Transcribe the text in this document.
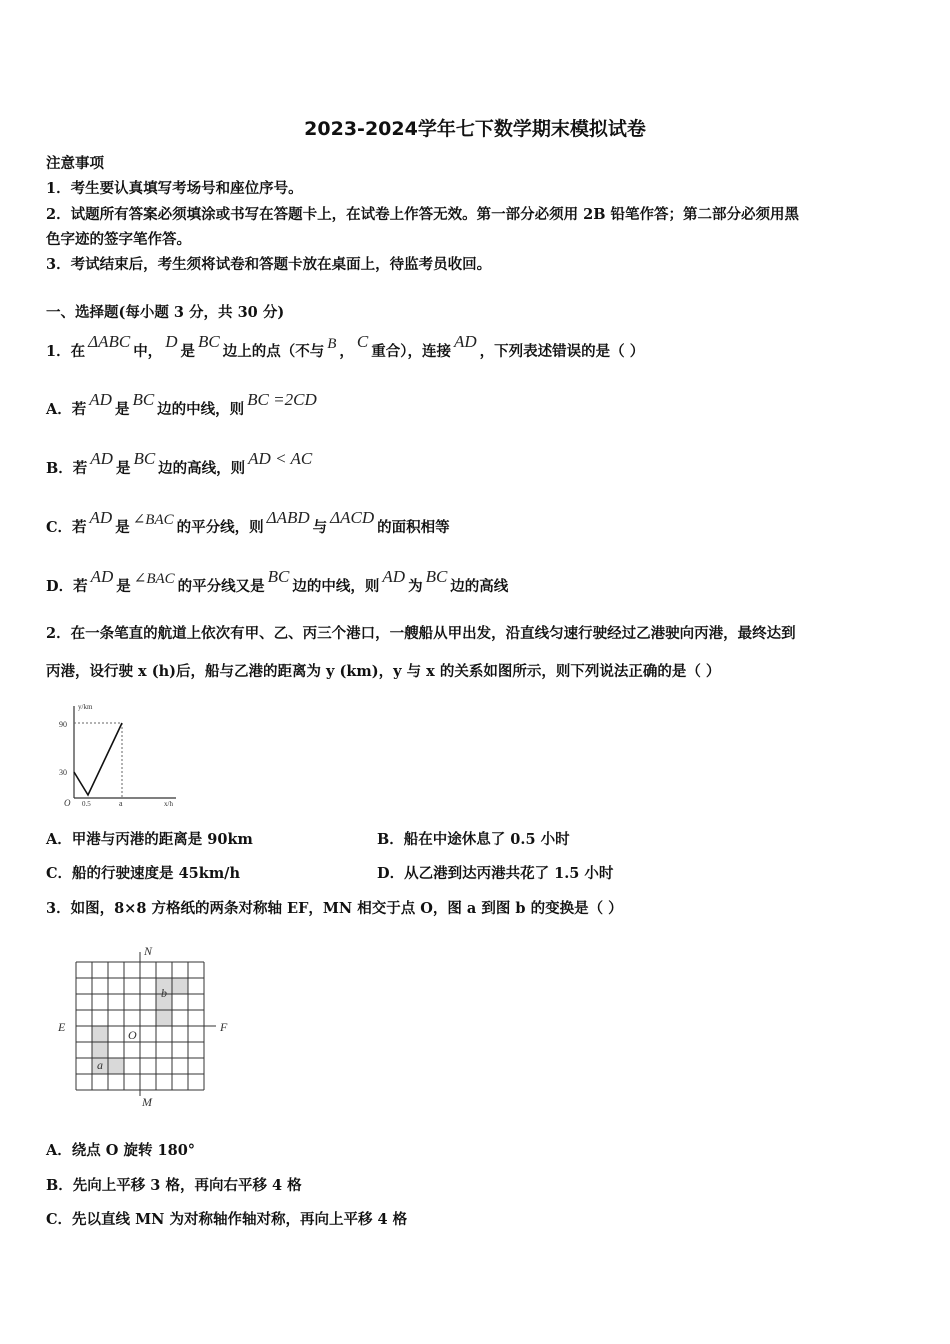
2023-2024学年七下数学期末模拟试卷
注意事项
1．考生要认真填写考场号和座位序号。
2．试题所有答案必须填涂或书写在答题卡上，在试卷上作答无效。第一部分必须用 2B 铅笔作答；第二部分必须用黑
色字迹的签字笔作答。
3．考试结束后，考生须将试卷和答题卡放在桌面上，待监考员收回。
一、选择题(每小题 3 分，共 30 分)
1．在ΔABC中，D是BC边上的点（不与 B ，C重合），连接AD，下列表述错误的是（ ）
A．若AD是BC边的中线，则BC =2CD
B．若AD是BC边的高线，则AD < AC
C．若AD是 ∠BAC 的平分线，则ΔABD与ΔACD的面积相等
D．若AD是 ∠BAC 的平分线又是BC边的中线，则AD为BC边的高线
2．在一条笔直的航道上依次有甲、乙、丙三个港口，一艘船从甲出发，沿直线匀速行驶经过乙港驶向丙港，最终达到
丙港，设行驶 x (h)后，船与乙港的距离为 y (km)，y 与 x 的关系如图所示，则下列说法正确的是（ ）
y/km
90
30
O 0.5	a	x/h
A．甲港与丙港的距离是 90km	B．船在中途休息了 0.5 小时
C．船的行驶速度是 45km/h	D．从乙港到达丙港共花了 1.5 小时
3．如图，8×8 方格纸的两条对称轴 EF，MN 相交于点 O，图 a 到图 b 的变换是（ ）
N
M
E	F
O
a
b
A．绕点 O 旋转 180°
B．先向上平移 3 格，再向右平移 4 格
C．先以直线 MN 为对称轴作轴对称，再向上平移 4 格
